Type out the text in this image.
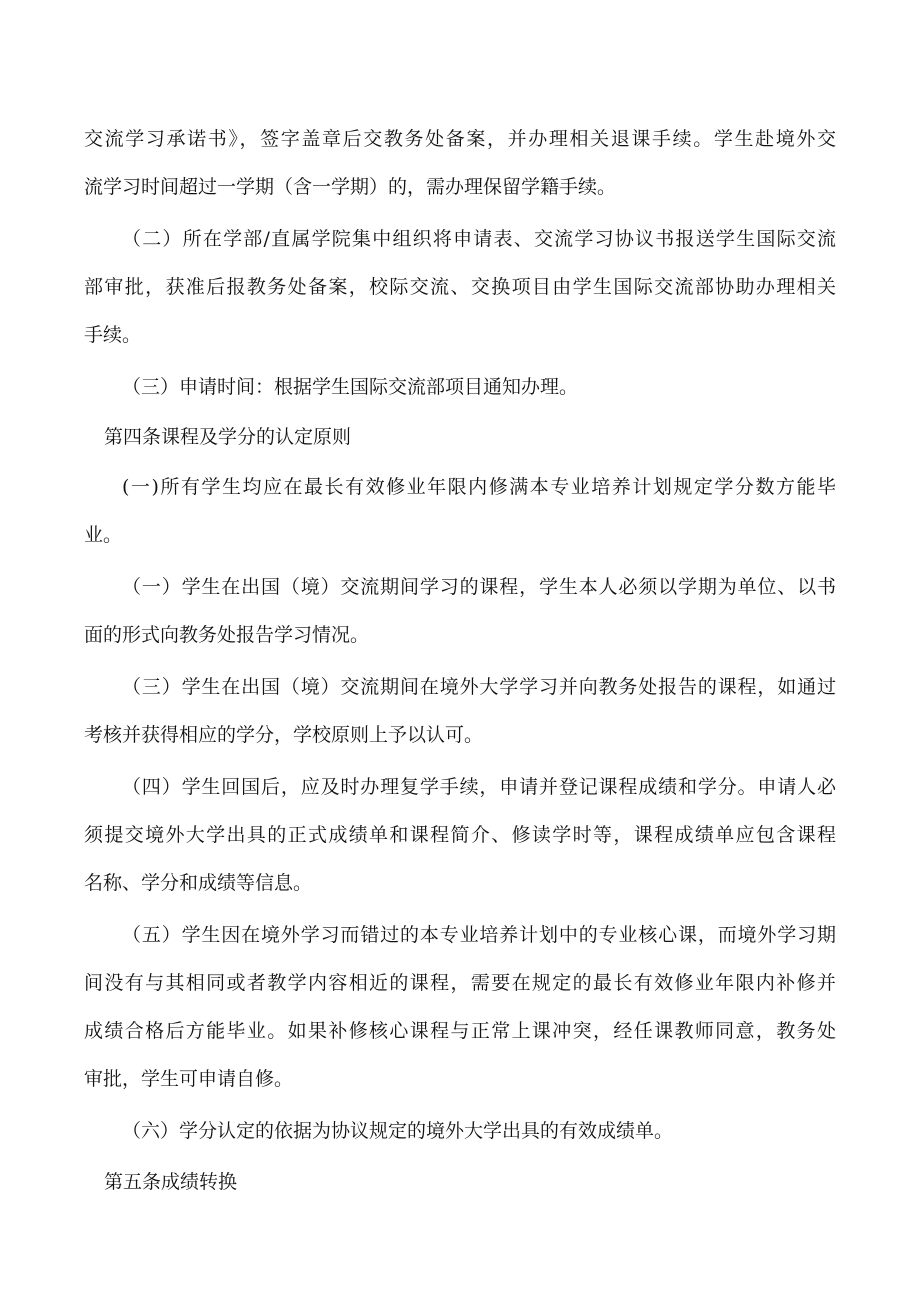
交流学习承诺书》，签字盖章后交教务处备案，并办理相关退课手续。学生赴境外交
流学习时间超过一学期（含一学期）的，需办理保留学籍手续。
（二）所在学部/直属学院集中组织将申请表、交流学习协议书报送学生国际交流
部审批，获准后报教务处备案，校际交流、交换项目由学生国际交流部协助办理相关
手续。
（三）申请时间：根据学生国际交流部项目通知办理。
第四条课程及学分的认定原则
(一)所有学生均应在最长有效修业年限内修满本专业培养计划规定学分数方能毕
业。
（一）学生在出国（境）交流期间学习的课程，学生本人必须以学期为单位、以书
面的形式向教务处报告学习情况。
（三）学生在出国（境）交流期间在境外大学学习并向教务处报告的课程，如通过
考核并获得相应的学分，学校原则上予以认可。
（四）学生回国后，应及时办理复学手续，申请并登记课程成绩和学分。申请人必
须提交境外大学出具的正式成绩单和课程简介、修读学时等，课程成绩单应包含课程
名称、学分和成绩等信息。
（五）学生因在境外学习而错过的本专业培养计划中的专业核心课，而境外学习期
间没有与其相同或者教学内容相近的课程，需要在规定的最长有效修业年限内补修并
成绩合格后方能毕业。如果补修核心课程与正常上课冲突，经任课教师同意，教务处
审批，学生可申请自修。
（六）学分认定的依据为协议规定的境外大学出具的有效成绩单。
第五条成绩转换
